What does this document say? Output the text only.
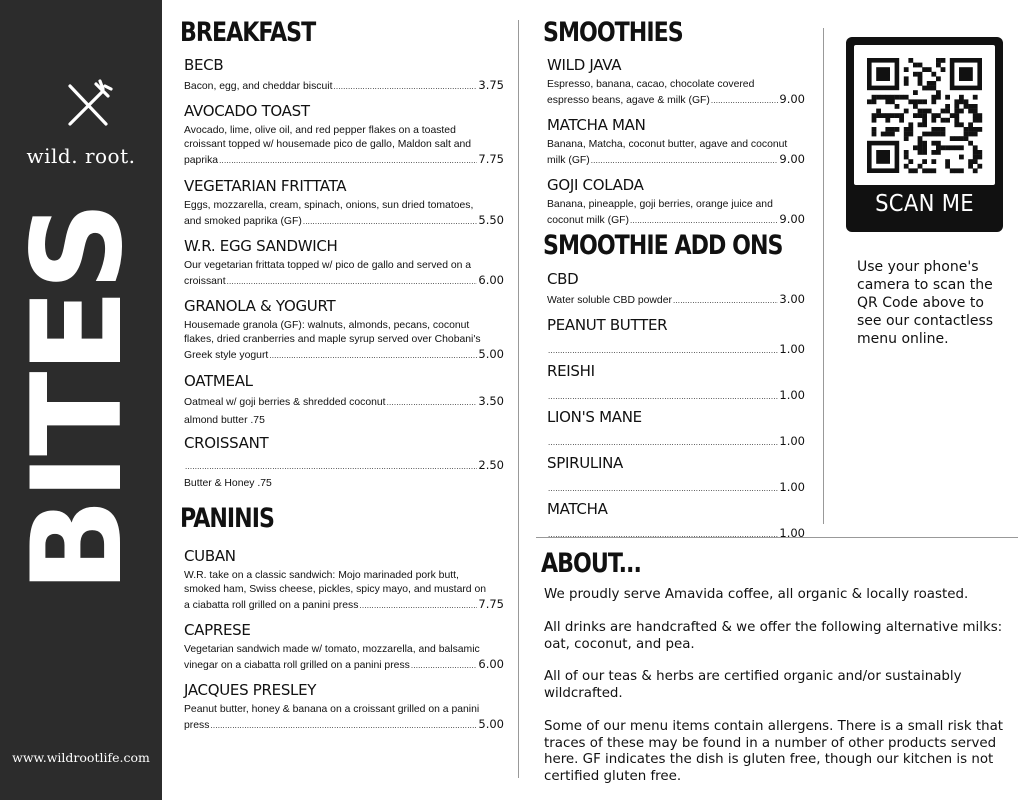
wild. root.
BITES
www.wildrootlife.com
BREAKFAST
BECB
Bacon, egg, and cheddar biscuit .....	3.75
AVOCADO TOAST
Avocado, lime, olive oil, and red pepper flakes on a toasted
croissant topped w/ housemade pico de gallo, Maldon salt and
paprika .....	7.75
VEGETARIAN FRITTATA
Eggs, mozzarella, cream, spinach, onions, sun dried tomatoes,
and smoked paprika (GF) .....	5.50
W.R. EGG SANDWICH
Our vegetarian frittata topped w/ pico de gallo and served on a
croissant .....	6.00
GRANOLA & YOGURT
Housemade granola (GF): walnuts, almonds, pecans, coconut
flakes, dried cranberries and maple syrup served over Chobani's
Greek style yogurt .....	5.00
OATMEAL
Oatmeal w/ goji berries & shredded coconut .....	3.50
almond butter .75
CROISSANT
.....
2.50
Butter & Honey .75
PANINIS
CUBAN
W.R. take on a classic sandwich: Mojo marinaded pork butt,
smoked ham, Swiss cheese, pickles, spicy mayo, and mustard on
a ciabatta roll grilled on a panini press .....	7.75
CAPRESE
Vegetarian sandwich made w/ tomato, mozzarella, and balsamic
vinegar on a ciabatta roll grilled on a panini press .....	6.00
JACQUES PRESLEY
Peanut butter, honey & banana on a croissant grilled on a panini
press .....	5.00
SMOOTHIES
WILD JAVA
Espresso, banana, cacao, chocolate covered
espresso beans, agave & milk (GF) .....	9.00
MATCHA MAN
Banana, Matcha, coconut butter, agave and coconut
milk (GF) .....	9.00
GOJI COLADA
Banana, pineapple, goji berries, orange juice and
coconut milk (GF) .....	9.00
SMOOTHIE ADD ONS
CBD
Water soluble CBD powder .....	3.00
PEANUT BUTTER
.....
1.00
REISHI
.....
1.00
LION'S MANE
.....
1.00
SPIRULINA
.....
1.00
MATCHA
.....
1.00
SCAN ME
Use your phone's camera to scan the QR Code above to see our contactless menu online.
ABOUT...
We proudly serve Amavida coffee, all organic & locally roasted.
All drinks are handcrafted & we offer the following alternative milks: oat, coconut, and pea.
All of our teas & herbs are certified organic and/or sustainably wildcrafted.
Some of our menu items contain allergens. There is a small risk that traces of these may be found in a number of other products served here. GF indicates the dish is gluten free, though our kitchen is not certified gluten free.
